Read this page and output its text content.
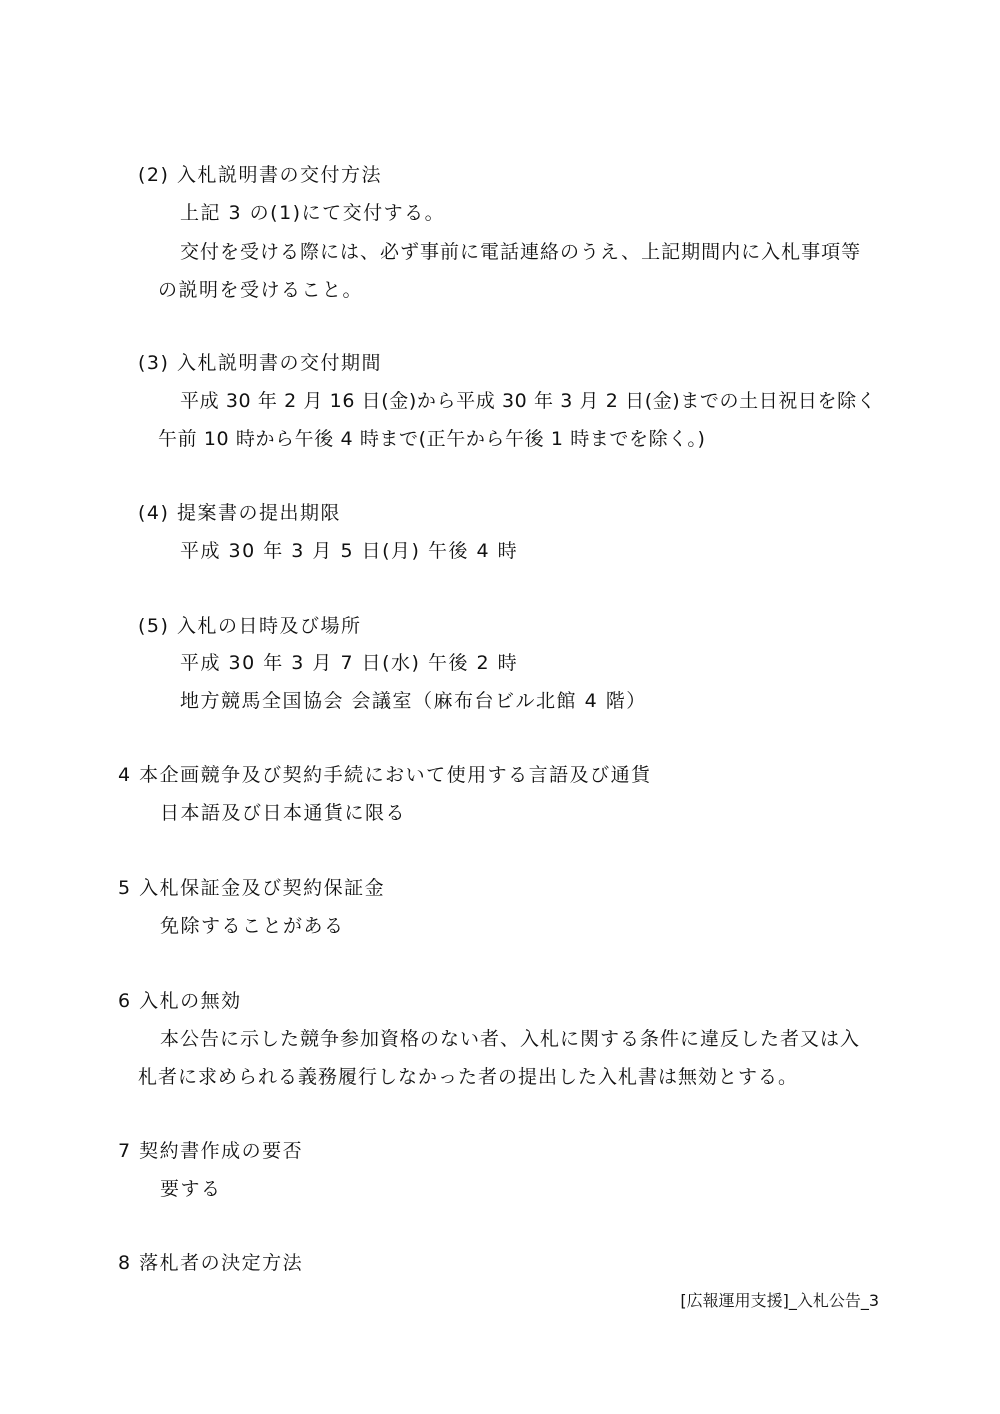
(2) 入札説明書の交付方法
上記 3 の(1)にて交付する。
交付を受ける際には、必ず事前に電話連絡のうえ、上記期間内に入札事項等
の説明を受けること。
(3) 入札説明書の交付期間
平成 30 年 2 月 16 日(金)から平成 30 年 3 月 2 日(金)までの土日祝日を除く
午前 10 時から午後 4 時まで(正午から午後 1 時までを除く。)
(4) 提案書の提出期限
平成 30 年 3 月 5 日(月) 午後 4 時
(5) 入札の日時及び場所
平成 30 年 3 月 7 日(水) 午後 2 時
地方競馬全国協会 会議室（麻布台ビル北館 4 階）
4 本企画競争及び契約手続において使用する言語及び通貨
日本語及び日本通貨に限る
5 入札保証金及び契約保証金
免除することがある
6 入札の無効
本公告に示した競争参加資格のない者、入札に関する条件に違反した者又は入
札者に求められる義務履行しなかった者の提出した入札書は無効とする。
7 契約書作成の要否
要する
8 落札者の決定方法
[広報運用支援]_入札公告_3
